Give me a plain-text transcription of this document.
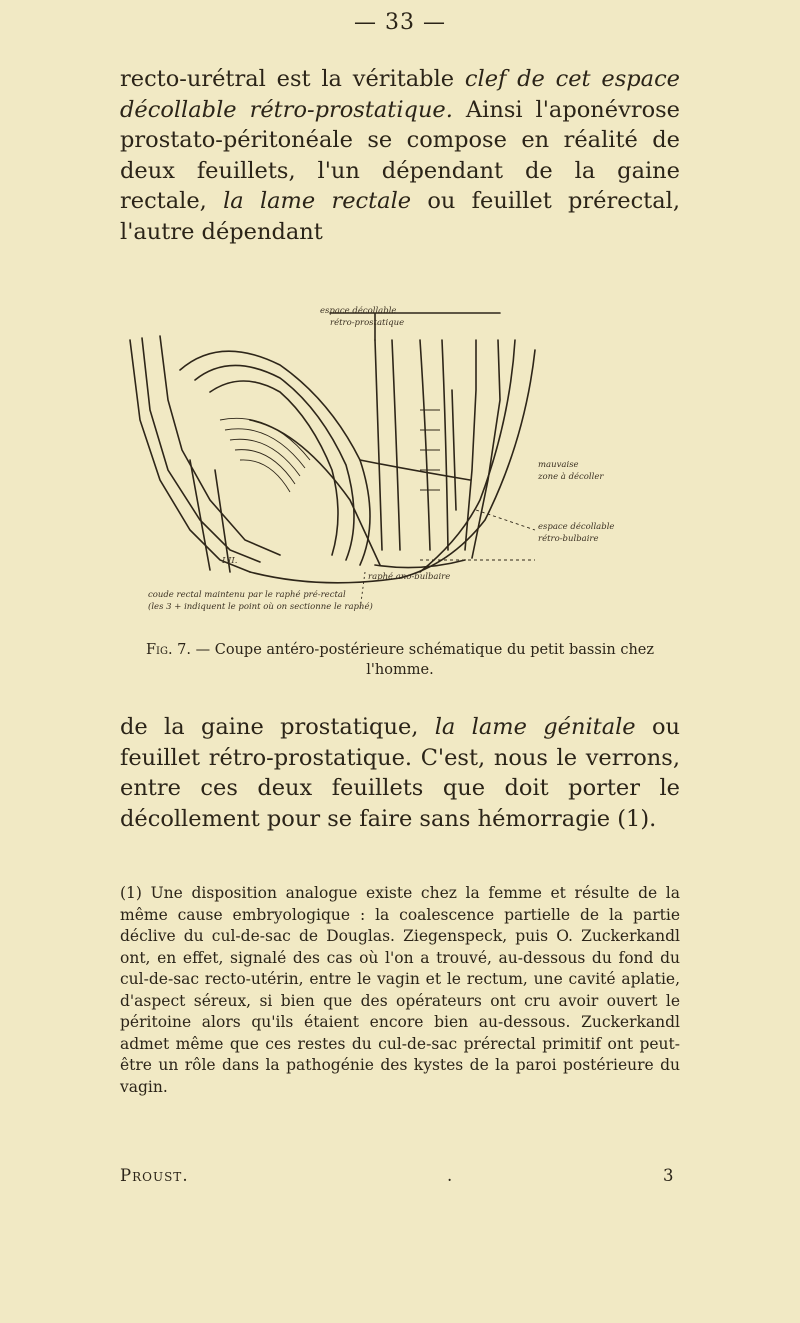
— 33 —
recto-urétral est la véritable clef de cet espace décollable rétro-prostatique. Ainsi l'aponévrose prostato-péritonéale se compose en réalité de deux feuillets, l'un dépendant de la gaine rectale, la lame rectale ou feuillet prérectal, l'autre dépendant
espace décollable
rétro-prostatique
mauvaise
zone à décoller
espace décollable
rétro-bulbaire
I.II.
raphé ano-bulbaire
coude rectal maintenu par le raphé pré-rectal
(les 3 + indiquent le point où on sectionne le raphé)
Fig. 7. — Coupe antéro-postérieure schématique du petit bassin chez l'homme.
de la gaine prostatique, la lame génitale ou feuillet rétro-prostatique. C'est, nous le verrons, entre ces deux feuillets que doit porter le décollement pour se faire sans hémorragie (1).
(1) Une disposition analogue existe chez la femme et résulte de la même cause embryologique : la coalescence partielle de la partie déclive du cul-de-sac de Douglas. Ziegenspeck, puis O. Zuckerkandl ont, en effet, signalé des cas où l'on a trouvé, au-dessous du fond du cul-de-sac recto-utérin, entre le vagin et le rectum, une cavité aplatie, d'aspect séreux, si bien que des opérateurs ont cru avoir ouvert le péritoine alors qu'ils étaient encore bien au-dessous. Zuckerkandl admet même que ces restes du cul-de-sac prérectal primitif ont peut-être un rôle dans la pathogénie des kystes de la paroi postérieure du vagin.
Proust.	.	3
